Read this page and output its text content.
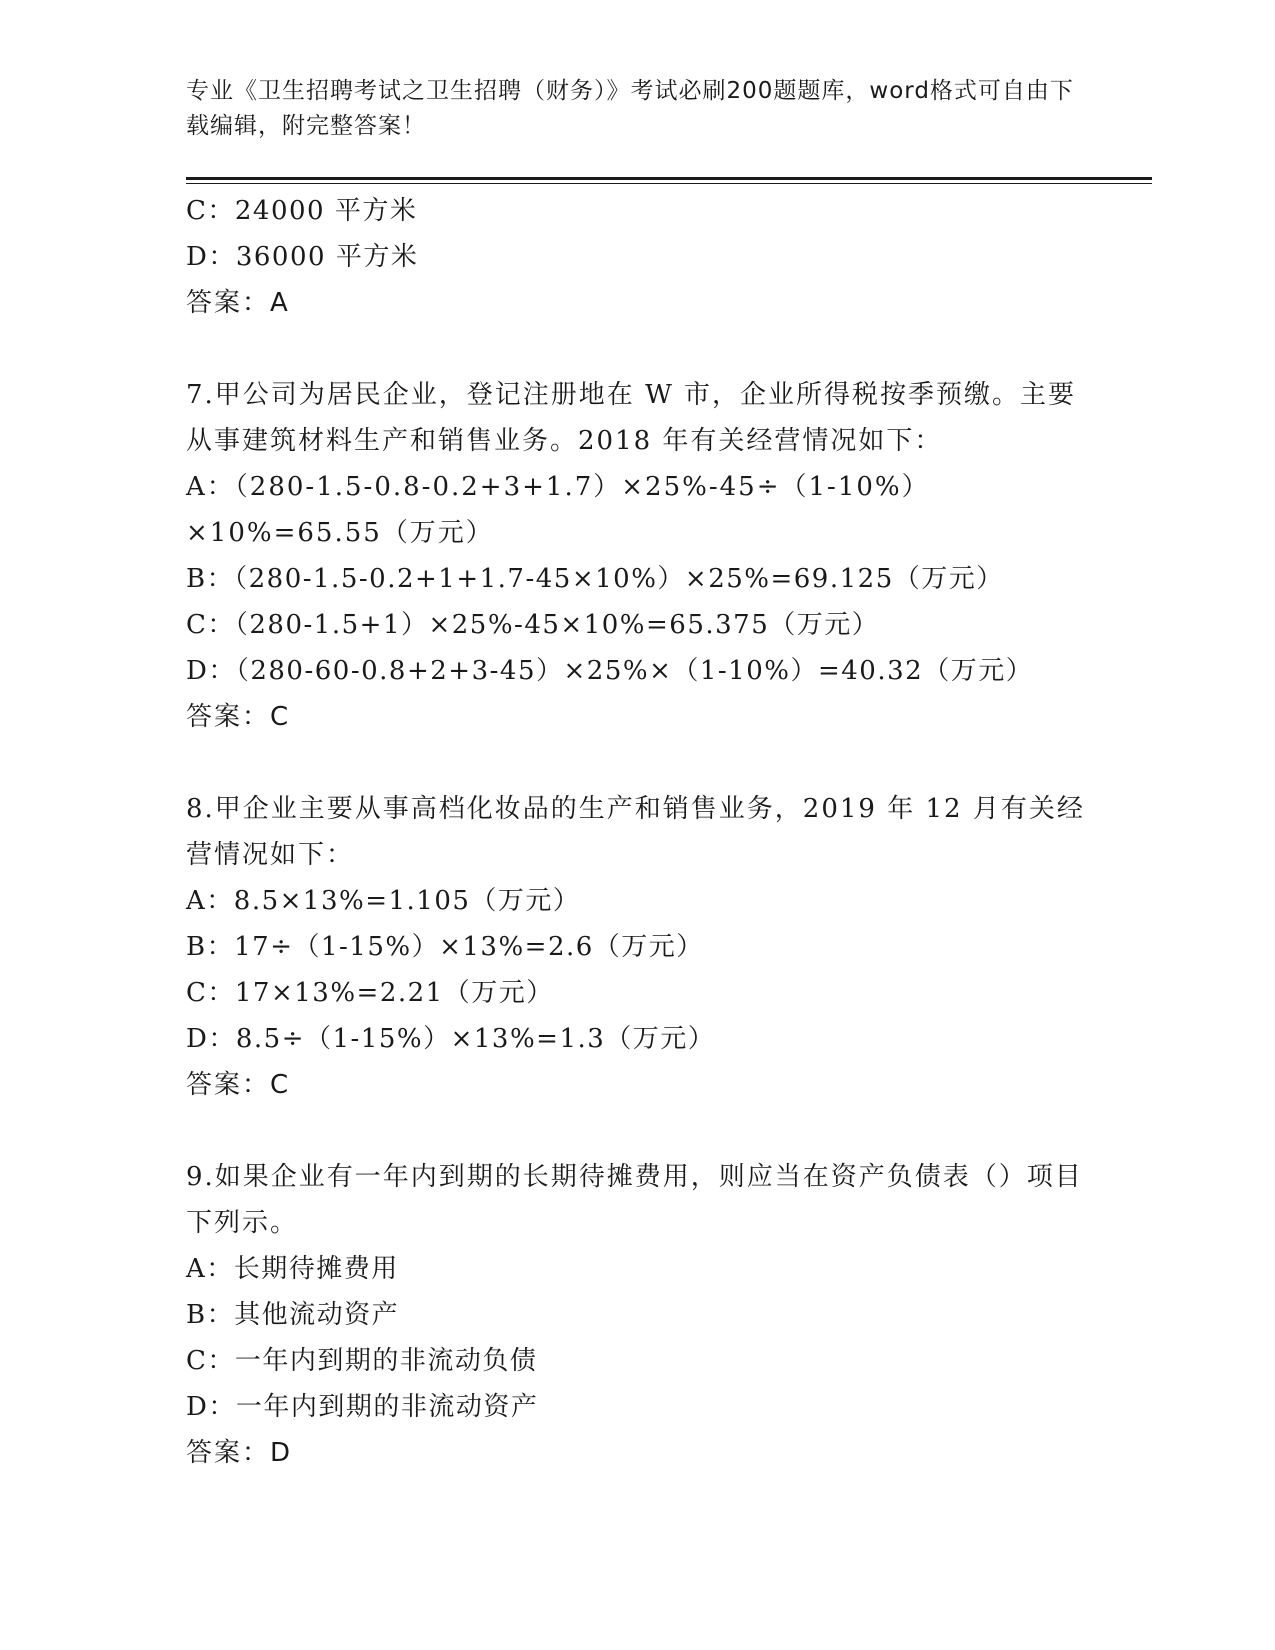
专业《卫生招聘考试之卫生招聘（财务）》考试必刷200题题库，word格式可自由下载编辑，附完整答案！
C：24000 平方米
D：36000 平方米
答案：A
7.甲公司为居民企业，登记注册地在 W 市，企业所得税按季预缴。主要从事建筑材料生产和销售业务。2018 年有关经营情况如下：
A：（280-1.5-0.8-0.2+3+1.7）×25%-45÷（1-10%）×10%=65.55（万元）
B：（280-1.5-0.2+1+1.7-45×10%）×25%=69.125（万元）
C：（280-1.5+1）×25%-45×10%=65.375（万元）
D：（280-60-0.8+2+3-45）×25%×（1-10%）=40.32（万元）
答案：C
8.甲企业主要从事高档化妆品的生产和销售业务，2019 年 12 月有关经营情况如下：
A：8.5×13%=1.105（万元）
B：17÷（1-15%）×13%=2.6（万元）
C：17×13%=2.21（万元）
D：8.5÷（1-15%）×13%=1.3（万元）
答案：C
9.如果企业有一年内到期的长期待摊费用，则应当在资产负债表（）项目下列示。
A：长期待摊费用
B：其他流动资产
C：一年内到期的非流动负债
D：一年内到期的非流动资产
答案：D
